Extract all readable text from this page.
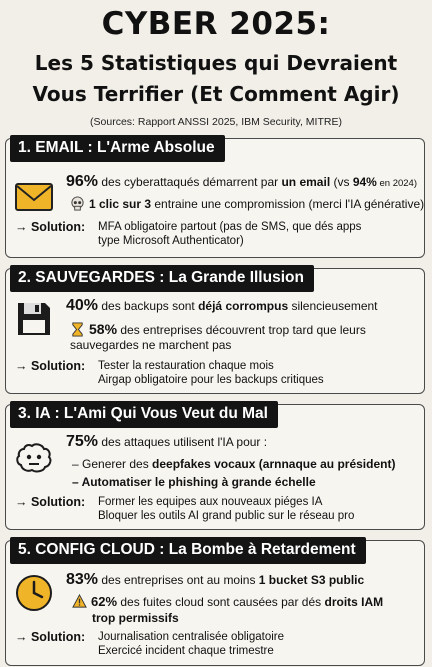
CYBER 2025:
Les 5 Statistiques qui Devraient
Vous Terrifier (Et Comment Agir)
(Sources: Rapport ANSSI 2025, IBM Security, MITRE)
1. EMAIL : L'Arme Absolue
96% des cyberattaqués démarrent par un email (vs 94% en 2024)
1 clic sur 3 entraine une compromission (merci l'IA générative)
→ Solution: MFA obligatoire partout (pas de SMS, que dés apps
type Microsoft Authenticator)
2. SAUVEGARDES : La Grande Illusion
40% des backups sont déjá corrompus silencieusement
58% des entreprises découvrent trop tard que leurs
sauvegardes ne marchent pas
→ Solution: Tester la restauration chaque mois
Airgap obligatoire pour les backups critiques
3. IA : L'Ami Qui Vous Veut du Mal
75% des attaques utilisent l'IA pour :
– Generer des deepfakes vocaux (arnnaque au président)
– Automatiser le phishing à grande échelle
→ Solution: Former les equipes aux nouveaux piéges IA
Bloquer les outils AI grand public sur le réseau pro
5. CONFIG CLOUD : La Bombe à Retardement
83% des entreprises ont au moins 1 bucket S3 public
62% des fuites cloud sont causées par dés droits IAM
trop permissifs
→ Solution: Journalisation centralisée obligatoire
Exercicé incident chaque trimestre
